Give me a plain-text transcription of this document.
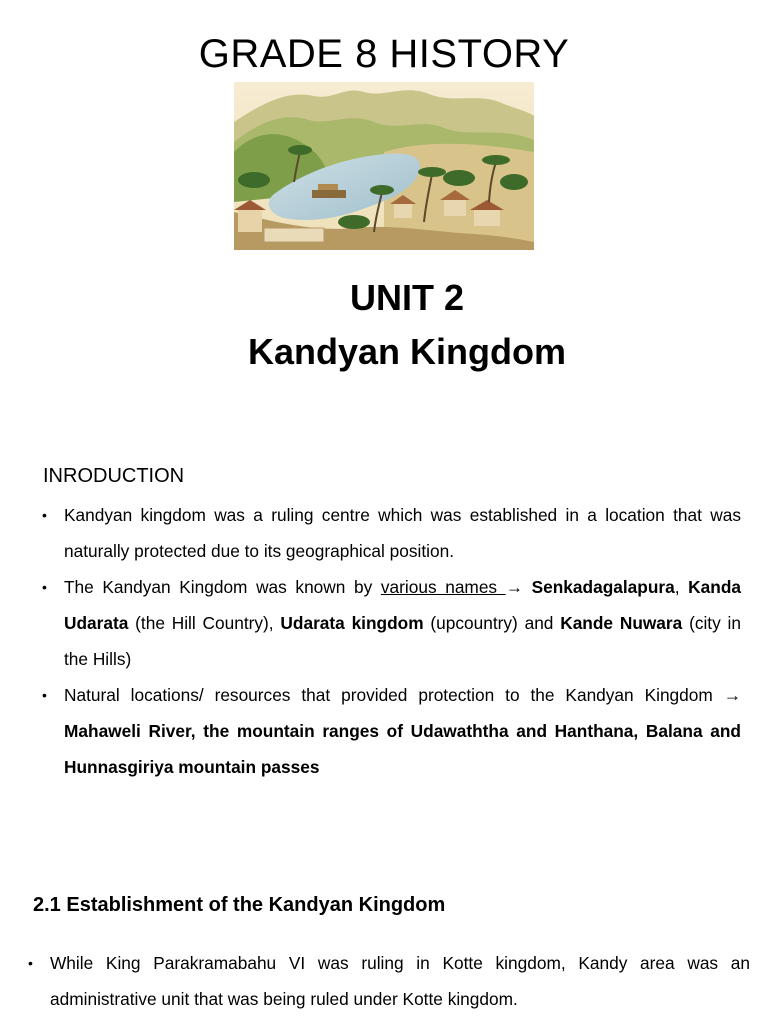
GRADE 8 HISTORY
UNIT 2
Kandyan Kingdom
INRODUCTION
• Kandyan kingdom was a ruling centre which was established in a location that was naturally protected due to its geographical position.
• The Kandyan Kingdom was known by various names → Senkadagalapura, Kanda Udarata (the Hill Country), Udarata kingdom (upcountry) and Kande Nuwara (city in the Hills)
• Natural locations/ resources that provided protection to the Kandyan Kingdom → Mahaweli River, the mountain ranges of Udawaththa and Hanthana, Balana and Hunnasgiriya mountain passes
2.1 Establishment of the Kandyan Kingdom
• While King Parakramabahu VI was ruling in Kotte kingdom, Kandy area was an administrative unit that was being ruled under Kotte kingdom.
